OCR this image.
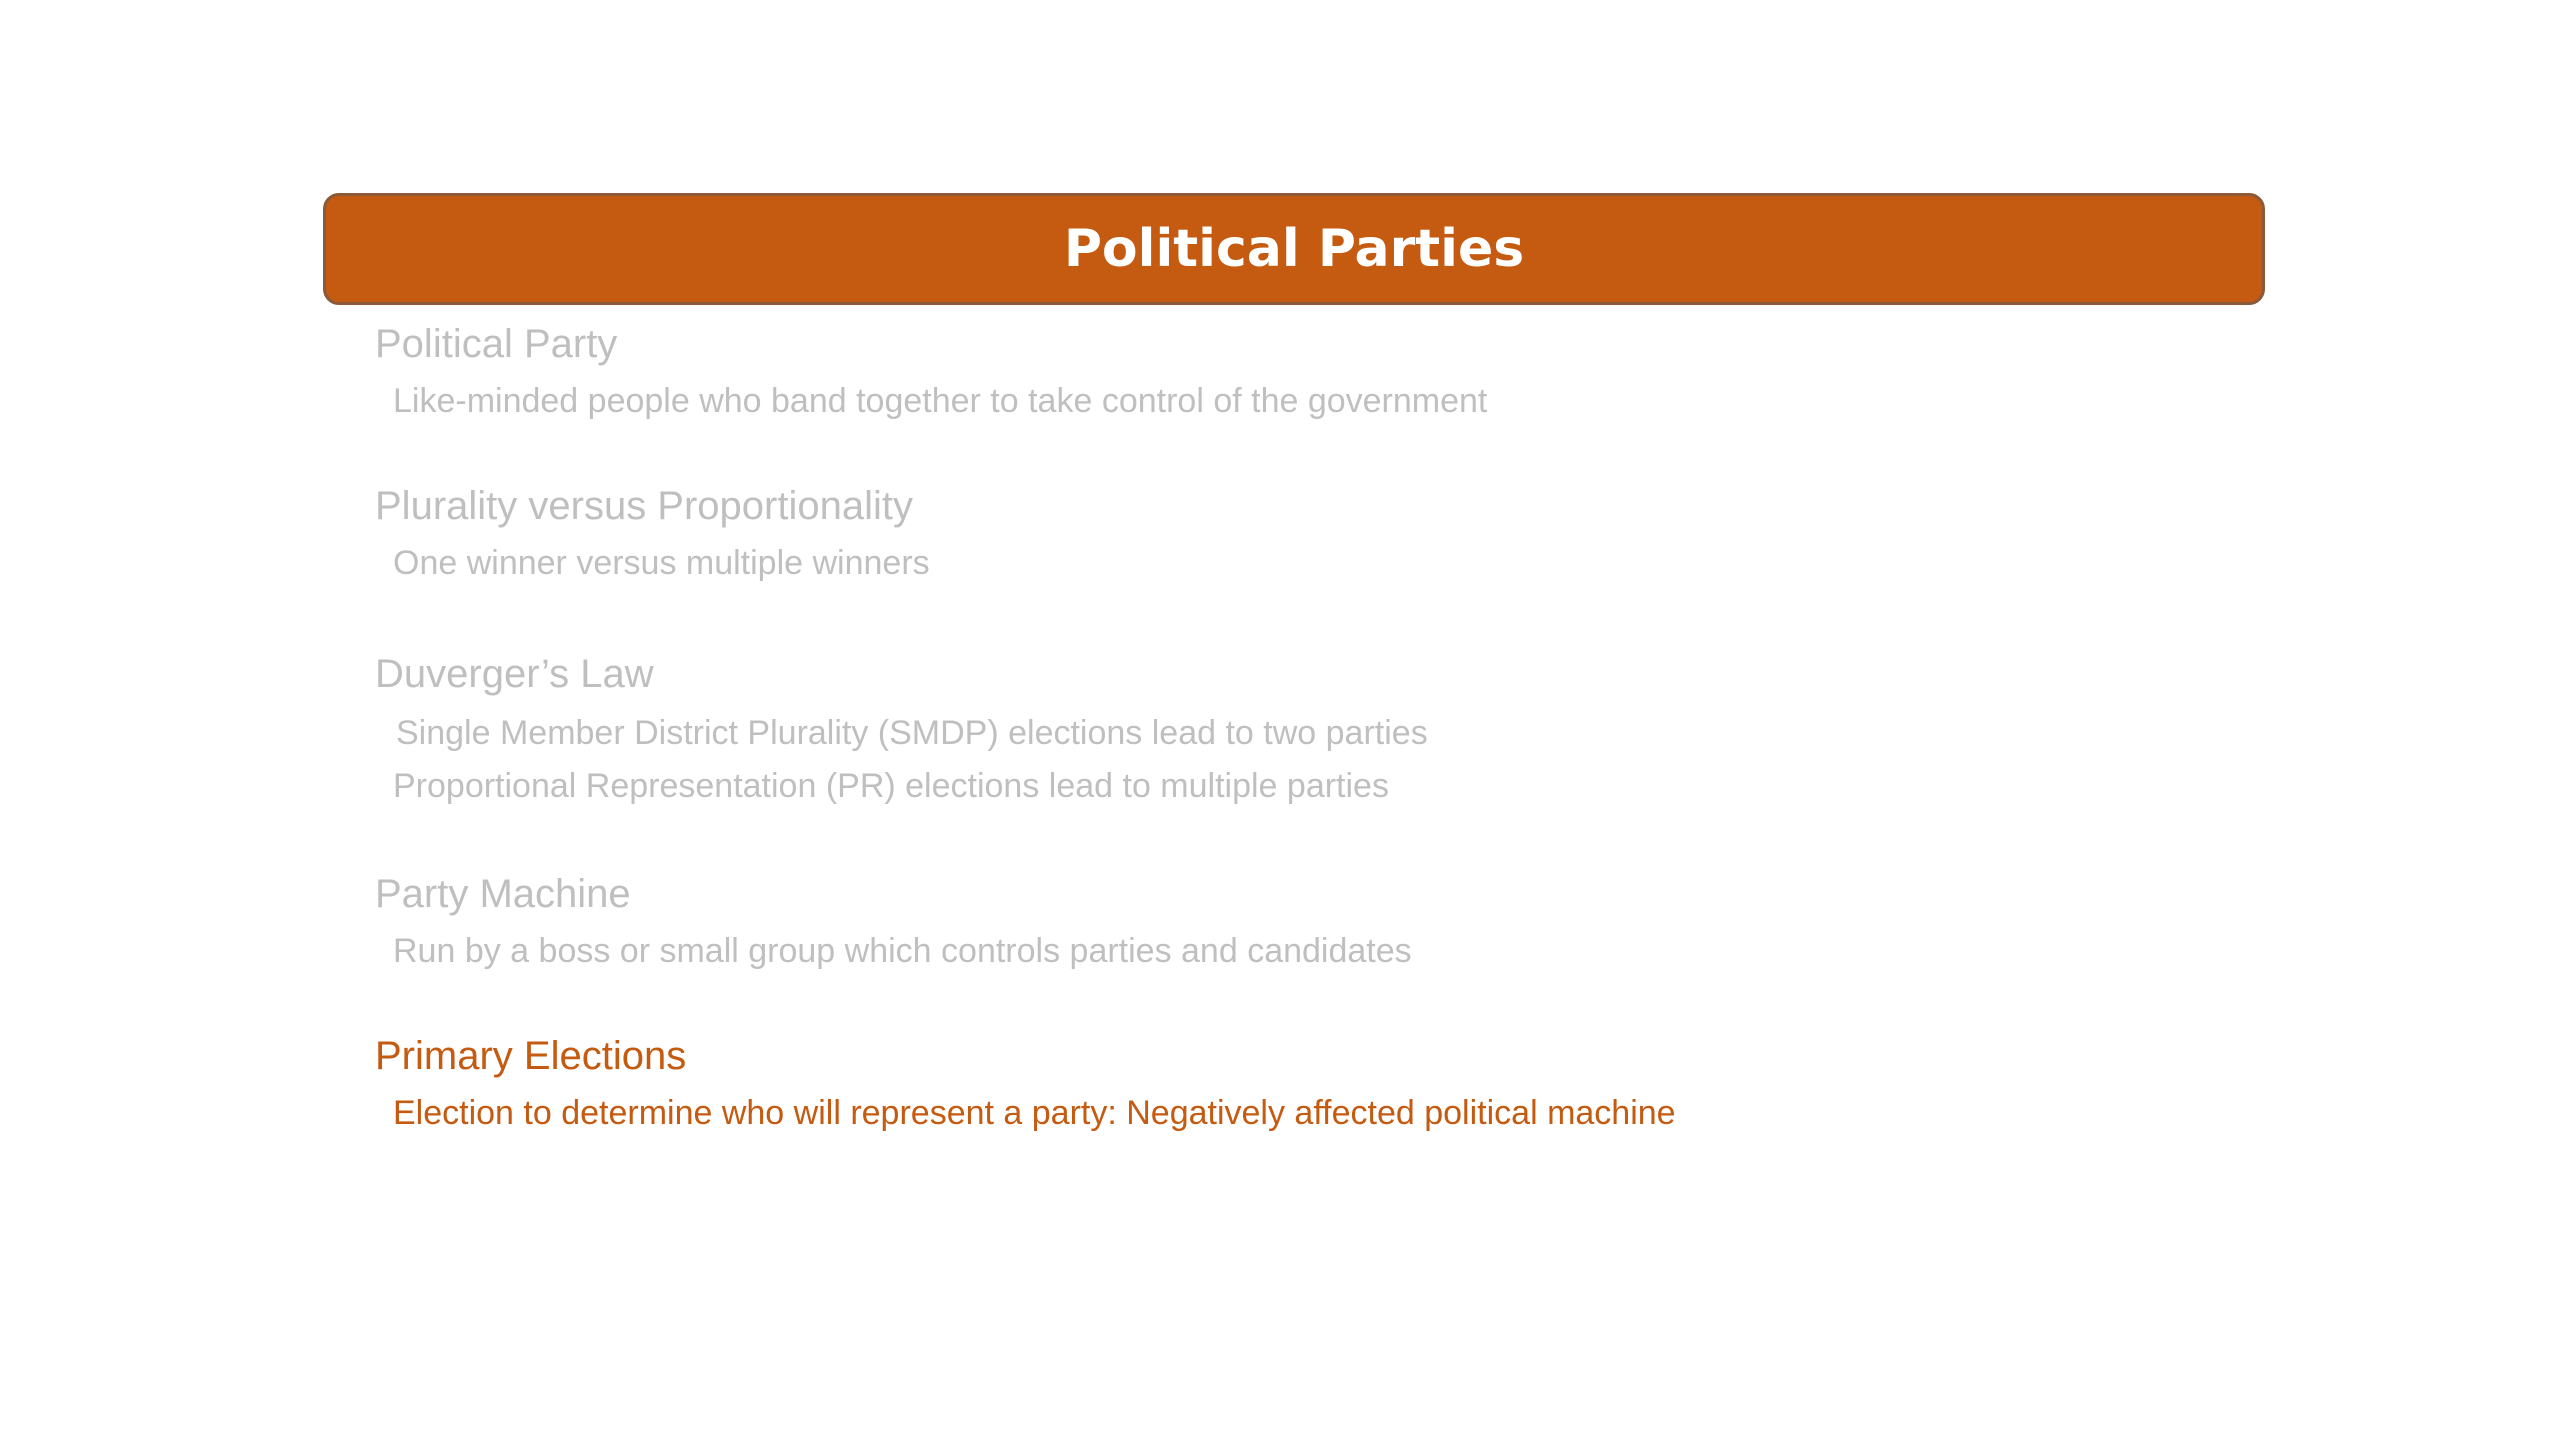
Political Parties
Political Party
Like-minded people who band together to take control of the government
Plurality versus Proportionality
One winner versus multiple winners
Duverger’s Law
Single Member District Plurality (SMDP) elections lead to two parties
Proportional Representation (PR) elections lead to multiple parties
Party Machine
Run by a boss or small group which controls parties and candidates
Primary Elections
Election to determine who will represent a party: Negatively affected political machine
